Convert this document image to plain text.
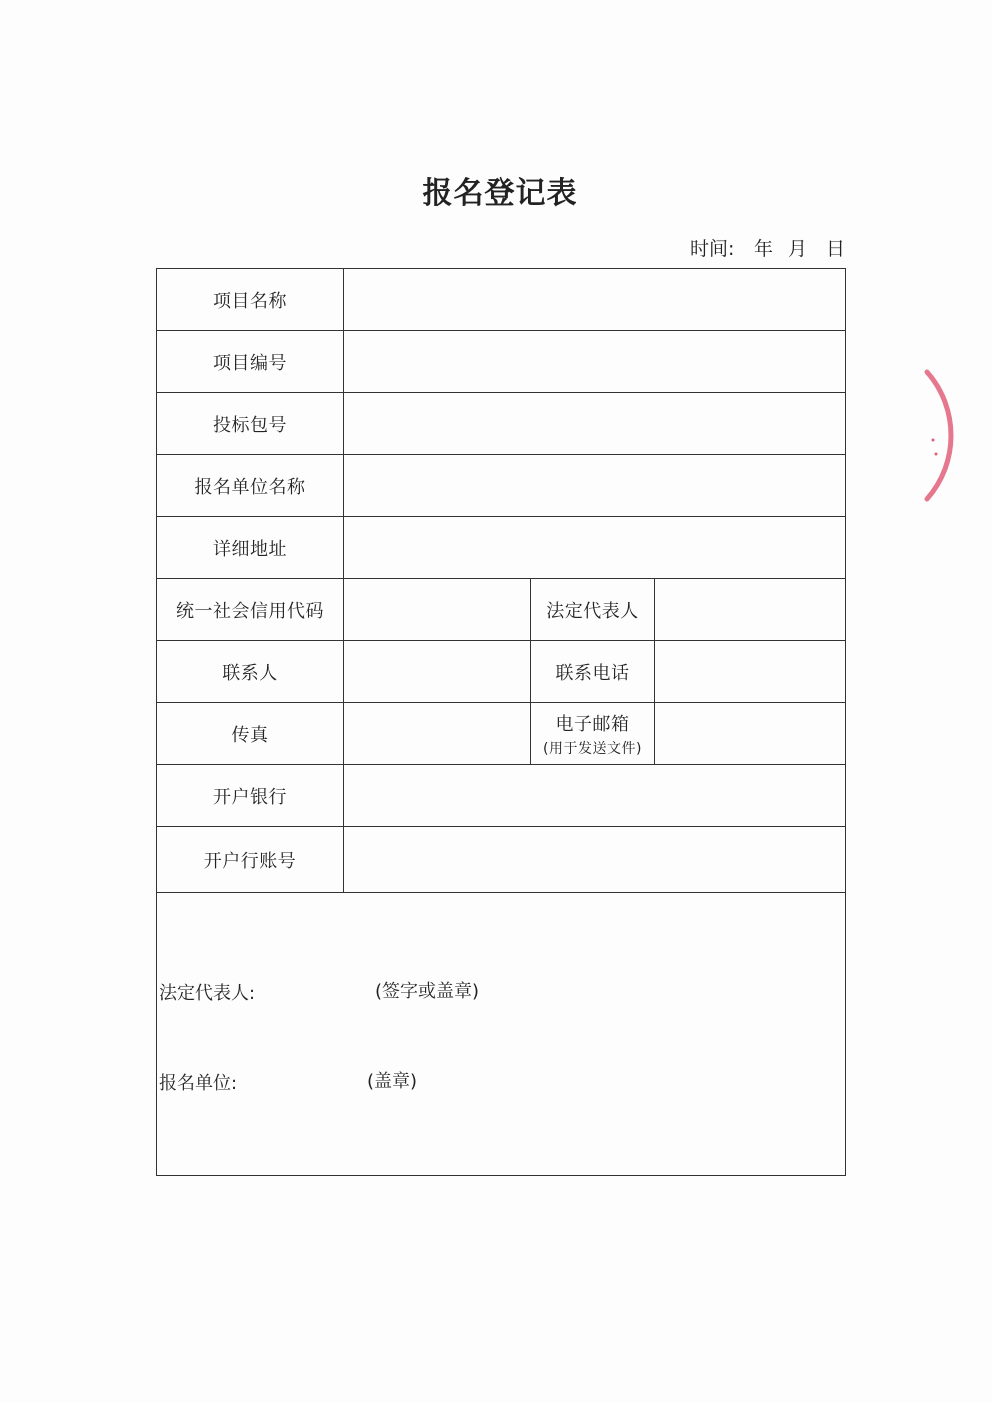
报名登记表
时间: 年 月 日
项目名称			
项目编号			
投标包号			
报名单位名称			
详细地址			
统一社会信用代码		法定代表人	
联系人		联系电话	
传真		电子邮箱
(用于发送文件)	

开户银行			
开户行账号			

法定代表人: (签字或盖章)
报名单位: (盖章)			
